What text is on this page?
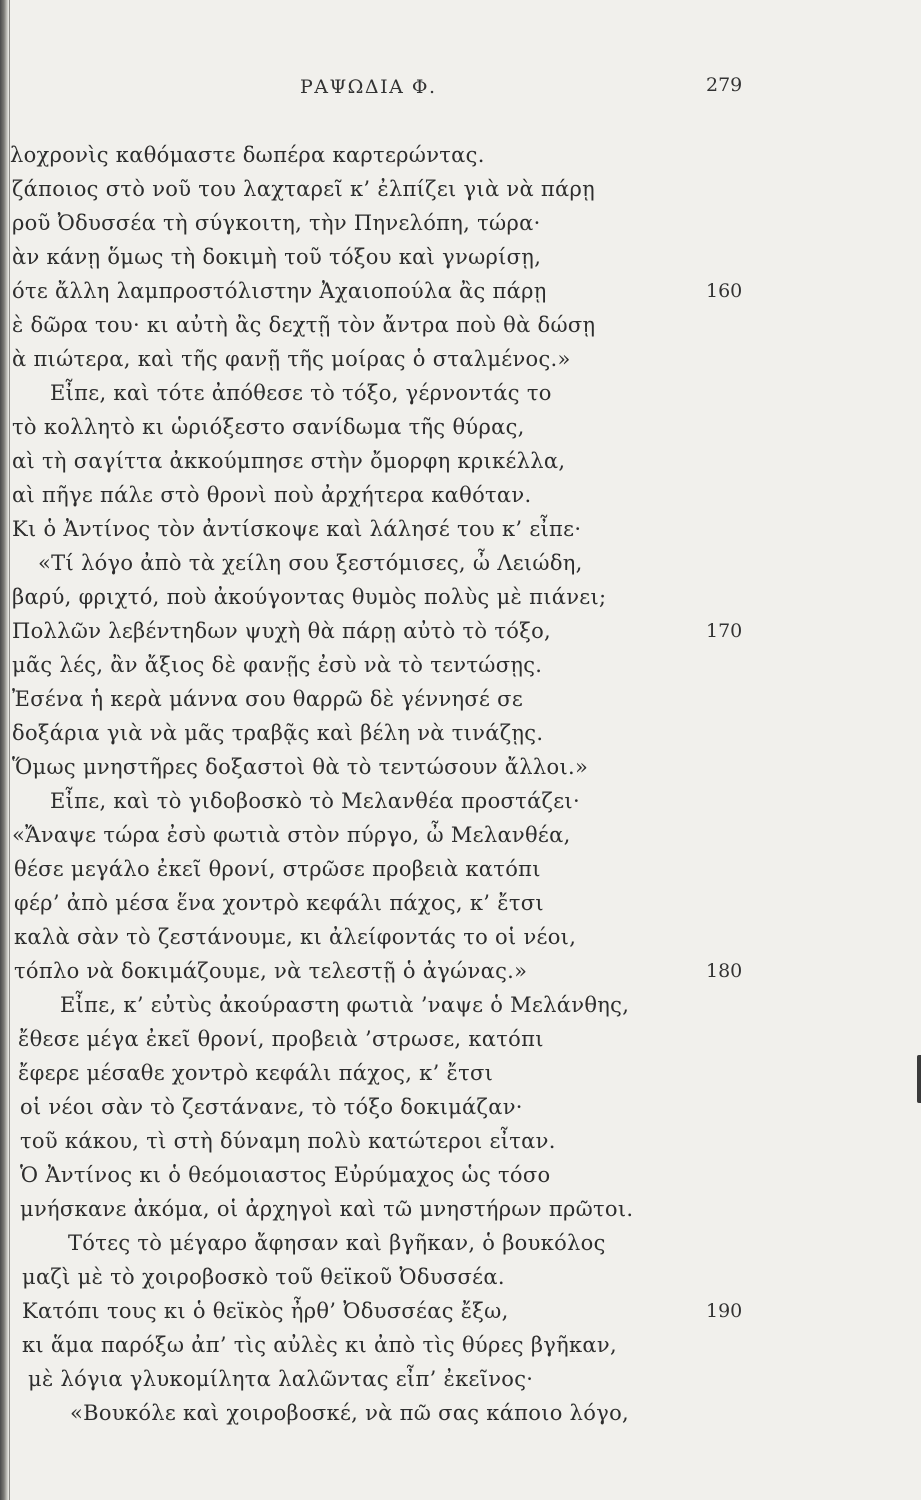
ΡΑΨΩΔΙΑ Φ.	279
λοχρονὶς καθόμαστε δωπέρα καρτερώντας.
ζάποιος στὸ νοῦ του λαχταρεῖ κ’ ἐλπίζει γιὰ νὰ πάρῃ
ροῦ Ὀδυσσέα τὴ σύγκοιτη, τὴν Πηνελόπη, τώρα·
ὰν κάνῃ ὅμως τὴ δοκιμὴ τοῦ τόξου καὶ γνωρίσῃ,
ότε ἄλλη λαμπροστόλιστην Ἀχαιοπούλα ἂς πάρῃ
ὲ δῶρα του· κι αὐτὴ ἂς δεχτῇ τὸν ἄντρα ποὺ θὰ δώσῃ
ὰ πιώτερα, καὶ τῆς φανῇ τῆς μοίρας ὁ σταλμένος.»
Εἶπε, καὶ τότε ἀπόθεσε τὸ τόξο, γέρνοντάς το
τὸ κολλητὸ κι ὡριόξεστο σανίδωμα τῆς θύρας,
αὶ τὴ σαγίττα ἀκκούμπησε στὴν ὄμορφη κρικέλλα,
αὶ πῆγε πάλε στὸ θρονὶ ποὺ ἀρχήτερα καθόταν.
Κι ὁ Ἀντίνος τὸν ἀντίσκοψε καὶ λάλησέ του κ’ εἶπε·
«Τί λόγο ἀπὸ τὰ χείλη σου ξεστόμισες, ὦ Λειώδη,
βαρύ, φριχτό, ποὺ ἀκούγοντας θυμὸς πολὺς μὲ πιάνει;
Πολλῶν λεβέντηδων ψυχὴ θὰ πάρῃ αὐτὸ τὸ τόξο,
μᾶς λές, ἂν ἄξιος δὲ φανῇς ἐσὺ νὰ τὸ τεντώσῃς.
Ἐσένα ἡ κερὰ μάννα σου θαρρῶ δὲ γέννησέ σε
δοξάρια γιὰ νὰ μᾶς τραβᾷς καὶ βέλη νὰ τινάζῃς.
Ὅμως μνηστῆρες δοξαστοὶ θὰ τὸ τεντώσουν ἄλλοι.»
Εἶπε, καὶ τὸ γιδοβοσκὸ τὸ Μελανθέα προστάζει·
«Ἄναψε τώρα ἐσὺ φωτιὰ στὸν πύργο, ὦ Μελανθέα,
θέσε μεγάλο ἐκεῖ θρονί, στρῶσε προβειὰ κατόπι
φέρ’ ἀπὸ μέσα ἕνα χοντρὸ κεφάλι πάχος, κ’ ἔτσι
καλὰ σὰν τὸ ζεστάνουμε, κι ἀλείφοντάς το οἱ νέοι,
τόπλο νὰ δοκιμάζουμε, νὰ τελεστῇ ὁ ἀγώνας.»
Εἶπε, κ’ εὐτὺς ἀκούραστη φωτιὰ ’ναψε ὁ Μελάνθης,
ἔθεσε μέγα ἐκεῖ θρονί, προβειὰ ’στρωσε, κατόπι
ἔφερε μέσαθε χοντρὸ κεφάλι πάχος, κ’ ἔτσι
οἱ νέοι σὰν τὸ ζεστάνανε, τὸ τόξο δοκιμάζαν·
τοῦ κάκου, τὶ στὴ δύναμη πολὺ κατώτεροι εἶταν.
Ὁ Ἀντίνος κι ὁ θεόμοιαστος Εὐρύμαχος ὡς τόσο
μνήσκανε ἀκόμα, οἱ ἀρχηγοὶ καὶ τῶ μνηστήρων πρῶτοι.
Τότες τὸ μέγαρο ἄφησαν καὶ βγῆκαν, ὁ βουκόλος
μαζὶ μὲ τὸ χοιροβοσκὸ τοῦ θεϊκοῦ Ὀδυσσέα.
Κατόπι τους κι ὁ θεϊκὸς ἦρθ’ Ὀδυσσέας ἔξω,
κι ἅμα παρόξω ἀπ’ τὶς αὐλὲς κι ἀπὸ τὶς θύρες βγῆκαν,
μὲ λόγια γλυκομίλητα λαλῶντας εἶπ’ ἐκεῖνος·
«Βουκόλε καὶ χοιροβοσκέ, νὰ πῶ σας κάποιο λόγο,
160
170
180
190
